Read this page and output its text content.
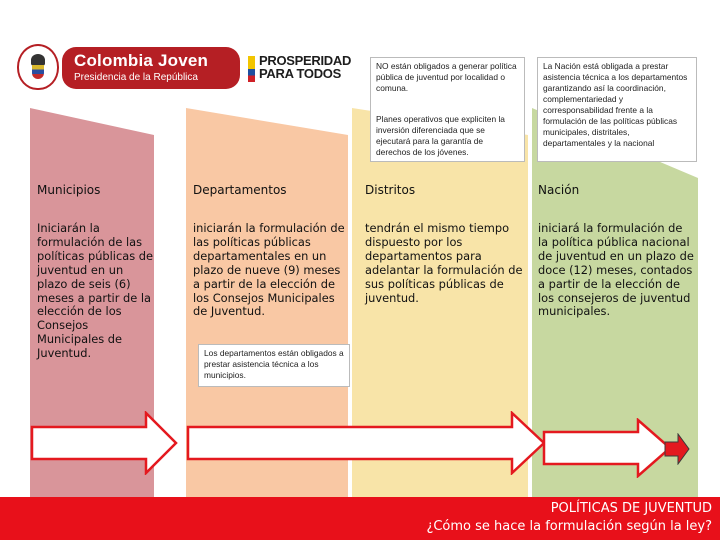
Colombia Joven
Presidencia de la República
PROSPERIDAD
PARA TODOS	NO están obligados a generar política pública de juventud por localidad o comuna.
Planes operativos que expliciten la inversión diferenciada que se ejecutará para la garantía de derechos de los jóvenes.
La Nación está obligada a prestar asistencia técnica a los departamentos garantizando así la coordinación, complementariedad y corresponsabilidad frente a la formulación de las políticas públicas municipales, distritales, departamentales y la nacional
Municipios	Departamentos	Distritos	Nación
Iniciarán la formulación de las políticas públicas de juventud en un plazo de seis (6) meses a partir de la elección de los Consejos Municipales de Juventud.
iniciarán la formulación de las políticas públicas departamentales en un plazo de nueve (9) meses a partir de la elección de los Consejos Municipales de Juventud.
tendrán el mismo tiempo dispuesto por los departamentos para adelantar la formulación de sus políticas públicas de juventud.
iniciará la formulación de la política pública nacional de juventud en un plazo de doce (12) meses, contados a partir de la elección de los consejeros de juventud municipales.
Los departamentos están obligados a prestar asistencia técnica a los municipios.
POLÍTICAS DE JUVENTUD
¿Cómo se hace la formulación según la ley?
